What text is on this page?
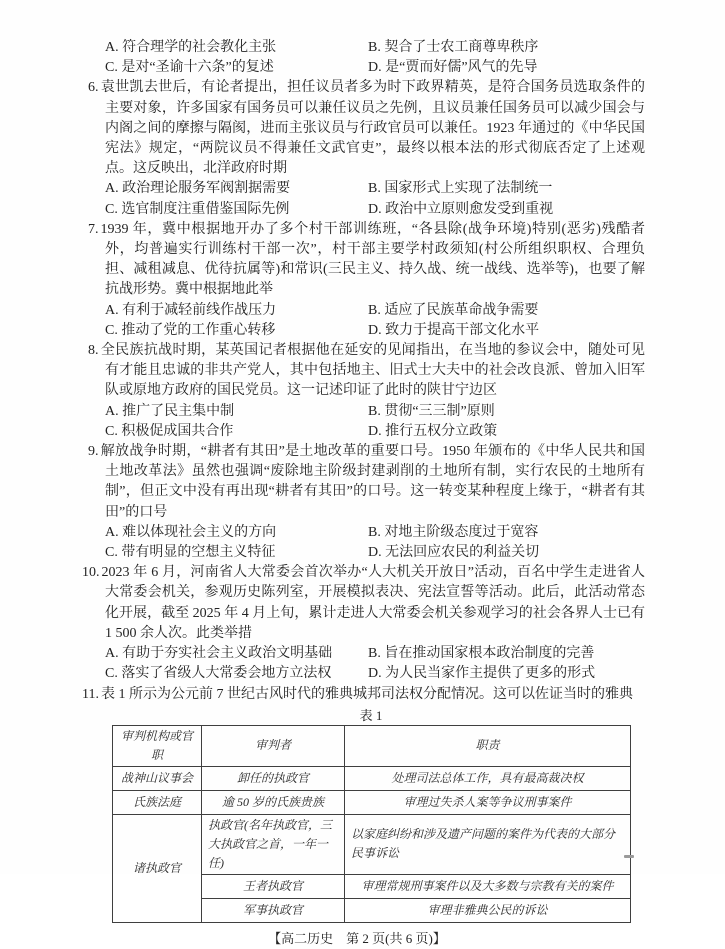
A. 符合理学的社会教化主张	B. 契合了士农工商尊卑秩序
C. 是对“圣谕十六条”的复述	D. 是“贾而好儒”风气的先导
6. 袁世凯去世后，有论者提出，担任议员者多为时下政界精英，是符合国务员选取条件的主要对象，许多国家有国务员可以兼任议员之先例，且议员兼任国务员可以减少国会与内阁之间的摩擦与隔阂，进而主张议员与行政官员可以兼任。1923 年通过的《中华民国宪法》规定，“两院议员不得兼任文武官吏”，最终以根本法的形式彻底否定了上述观点。这反映出，北洋政府时期
A. 政治理论服务军阀割据需要	B. 国家形式上实现了法制统一
C. 选官制度注重借鉴国际先例	D. 政治中立原则愈发受到重视
7. 1939 年，冀中根据地开办了多个村干部训练班，“各县除(战争环境)特别(恶劣)残酷者外，均普遍实行训练村干部一次”，村干部主要学村政须知(村公所组织职权、合理负担、减租减息、优待抗属等)和常识(三民主义、持久战、统一战线、选举等)，也要了解抗战形势。冀中根据地此举
A. 有利于减轻前线作战压力	B. 适应了民族革命战争需要
C. 推动了党的工作重心转移	D. 致力于提高干部文化水平
8. 全民族抗战时期，某英国记者根据他在延安的见闻指出，在当地的参议会中，随处可见有才能且忠诚的非共产党人，其中包括地主、旧式士大夫中的社会改良派、曾加入旧军队或原地方政府的国民党员。这一记述印证了此时的陕甘宁边区
A. 推广了民主集中制	B. 贯彻“三三制”原则
C. 积极促成国共合作	D. 推行五权分立政策
9. 解放战争时期，“耕者有其田”是土地改革的重要口号。1950 年颁布的《中华人民共和国土地改革法》虽然也强调“废除地主阶级封建剥削的土地所有制，实行农民的土地所有制”，但正文中没有再出现“耕者有其田”的口号。这一转变某种程度上缘于，“耕者有其田”的口号
A. 难以体现社会主义的方向	B. 对地主阶级态度过于宽容
C. 带有明显的空想主义特征	D. 无法回应农民的利益关切
10. 2023 年 6 月，河南省人大常委会首次举办“人大机关开放日”活动，百名中学生走进省人大常委会机关，参观历史陈列室，开展模拟表决、宪法宣誓等活动。此后，此活动常态化开展，截至 2025 年 4 月上旬，累计走进人大常委会机关参观学习的社会各界人士已有 1 500 余人次。此类举措
A. 有助于夯实社会主义政治文明基础	B. 旨在推动国家根本政治制度的完善
C. 落实了省级人大常委会地方立法权	D. 为人民当家作主提供了更多的形式
11. 表 1 所示为公元前 7 世纪古风时代的雅典城邦司法权分配情况。这可以佐证当时的雅典
表 1
审判机构或官职	审判者	职责
战神山议事会	卸任的执政官	处理司法总体工作，具有最高裁决权
氏族法庭	逾 50 岁的氏族贵族	审理过失杀人案等争议刑事案件
诸执政官	执政官(名年执政官，三大执政官之首，一年一任)	以家庭纠纷和涉及遗产问题的案件为代表的大部分民事诉讼
	王者执政官	审理常规刑事案件以及大多数与宗教有关的案件
	军事执政官	审理非雅典公民的诉讼
【高二历史　第 2 页(共 6 页)】
